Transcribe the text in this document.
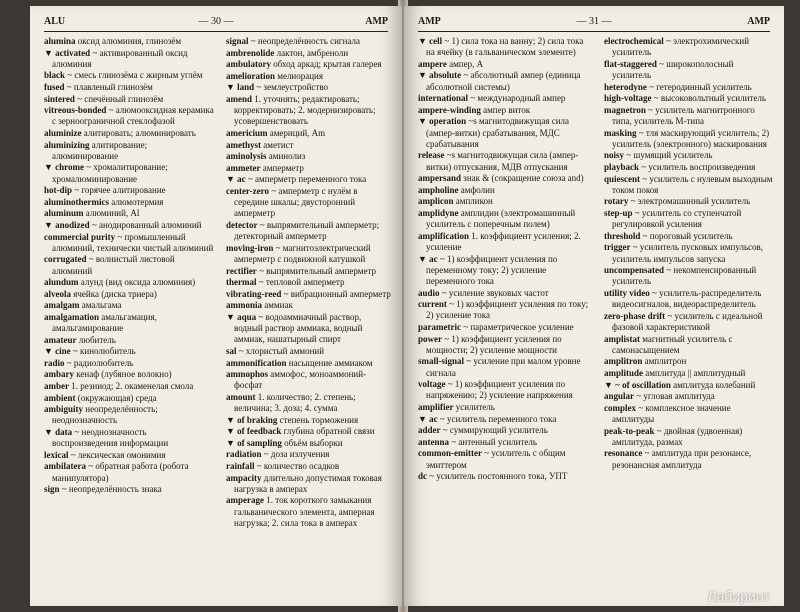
ALU	— 30 —	AMP
alumina оксид алюминия, глинозём
▼ activated ~ активированный оксид алюминия
black ~ смесь глинозёма с жирным углём
fused ~ плавленый глинозём
sintered ~ спечённый глинозём
vitreous-bonded ~ алюмооксидная керамика с зерноограничной стеклофазой
aluminize алитировать; алюминировать
aluminizing алитирование; алюминирование
▼ chrome ~ хромалитирование; хромалюминирование
hot-dip ~ горячее алитирование
aluminothermics алюмотермия
aluminum алюминий, Al
▼ anodized ~ анодированный алюминий
commercial purity ~ промышленный алюминий, технически чистый алюминий
corrugated ~ волнистый листовой алюминий
alundum алунд (вид оксида алюминия)
alveola ячейка (диска триера)
amalgam амальгама
amalgamation амальгамация, амальгамирование
amateur любитель
▼ cine ~ кинолюбитель
radio ~ радиолюбитель
ambary кенаф (лубяное волокно)
amber 1. резниод; 2. окаменелая смола
ambient (окружающая) среда
ambiguity неопределённость; неоднозначность
▼ data ~ неоднозначность воспроизведения информации
lexical ~ лексическая омонимия
ambilatera ~ обратная работа (робота манипулятора)
sign ~ неопределённость знака
signal ~ неопределённость сигнала
ambrenolide лактон, амбреноли
ambulatory обход аркад; крытая галерея
amelioration мелиорация
▼ land ~ землеустройство
amend 1. уточнять; редактировать; корректировать; 2. модернизировать; усовершенствовать
americium америций, Am
amethyst аметист
aminolysis аминолиз
ammeter амперметр
▼ ac ~ амперметр переменного тока
center-zero ~ амперметр с нулём в середине шкалы; двусторонний амперметр
detector ~ выпрямительный амперметр; детекторный амперметр
moving-iron ~ магнитоэлектрический амперметр с подвижной катушкой
rectifier ~ выпрямительный амперметр
thermal ~ тепловой амперметр
vibrating-reed ~ вибрационный амперметр
ammonia аммиак
▼ aqua ~ водоаммиачный раствор, водный раствор аммиака, водный аммиак, нашатырный спирт
sal ~ хлористый аммоний
ammonification насыщение аммиаком
ammophos аммофос, моноаммоний-фосфат
amount 1. количество; 2. степень; величина; 3. доза; 4. сумма
▼ of braking степень торможения
▼ of feedback глубина обратной связи
▼ of sampling объём выборки
radiation ~ доза излучения
rainfall ~ количество осадков
ampacity длительно допустимая токовая нагрузка в амперах
amperage 1. ток короткого замыкания гальванического элемента, амперная нагрузка; 2. сила тока в амперах
AMP	— 31 —	AMP
▼ cell ~ 1) сила тока на ванну; 2) сила тока на ячейку (в гальваническом элементе)
ampere ампер, А
▼ absolute ~ абсолютный ампер (единица абсолютной системы)
international ~ международный ампер
ampere-winding ампер виток
▼ operation ~s магнитодвижущая сила (ампер-витки) срабатывания, МДС срабатывания
release ~s магнитодвижущая сила (ампер-витки) отпускания, МДВ отпускания
ampersand знак & (сокращение союза and)
ampholine амфолин
amplicon ампликон
amplidyne амплидин (электромашинный усилитель с поперечным полем)
amplification 1. коэффициент усиления; 2. усиление
▼ ac ~ 1) коэффициент усиления по переменному току; 2) усиление переменного тока
audio ~ усиление звуковых частот
current ~ 1) коэффициент усиления по току; 2) усиление тока
parametric ~ параметрическое усиление
power ~ 1) коэффициент усиления по мощности; 2) усиление мощности
small-signal ~ усиление при малом уровне сигнала
voltage ~ 1) коэффициент усиления по напряжению; 2) усиление напряжения
amplifier усилитель
▼ ac ~ усилитель переменного тока
adder ~ суммирующий усилитель
antenna ~ антенный усилитель
common-emitter ~ усилитель с общим эмиттером
dc ~ усилитель постоянного тока, УПТ
electrochemical ~ электрохимический усилитель
flat-staggered ~ широкополосный усилитель
heterodyne ~ гетеродинный усилитель
high-voltage ~ высоковольтный усилитель
magnetron ~ усилитель магнитронного типа, усилитель М-типа
masking ~ тля маскирующий усилитель; 2) усилитель (электронного) маскирования
noisy ~ шумящий усилитель
playback ~ усилитель воспроизведения
quiescent ~ усилитель с нулевым выходным током покоя
rotary ~ электромашинный усилитель
step-up ~ усилитель со ступенчатой регулировкой усиления
threshold ~ пороговый усилитель
trigger ~ усилитель пусковых импульсов, усилитель импульсов запуска
uncompensated ~ некомпенсированный усилитель
utility video ~ усилитель-распределитель видеосигналов, видеораспределитель
zero-phase drift ~ усилитель с идеальной фазовой характеристикой
amplistat магнитный усилитель с самонасыщением
amplitron амплитрон
amplitude амплитуда || амплитудный
▼ ~ of oscillation амплитуда колебаний
angular ~ угловая амплитуда
complex ~ комплексное значение амплитуды
peak-to-peak ~ двойная (удвоенная) амплитуда, размах
resonance ~ амплитуда при резонансе, резонансная амплитуда
Лабиринт
